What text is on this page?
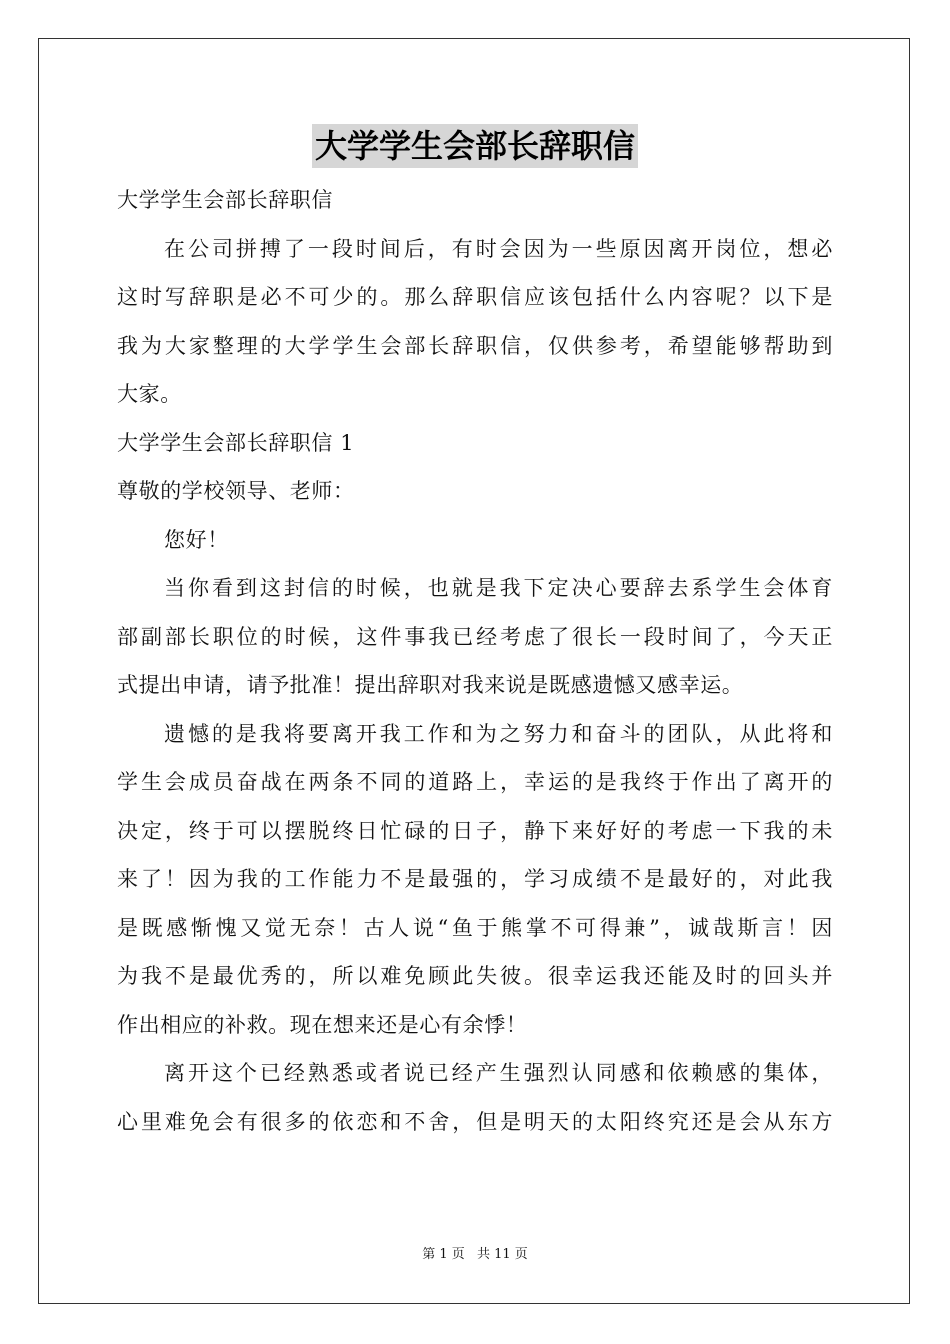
大学学生会部长辞职信
大学学生会部长辞职信
在公司拼搏了一段时间后，有时会因为一些原因离开岗位，想必
这时写辞职是必不可少的。那么辞职信应该包括什么内容呢？以下是
我为大家整理的大学学生会部长辞职信，仅供参考，希望能够帮助到
大家。
大学学生会部长辞职信 1
尊敬的学校领导、老师：
您好！
当你看到这封信的时候，也就是我下定决心要辞去系学生会体育
部副部长职位的时候，这件事我已经考虑了很长一段时间了，今天正
式提出申请，请予批准！提出辞职对我来说是既感遗憾又感幸运。
遗憾的是我将要离开我工作和为之努力和奋斗的团队，从此将和
学生会成员奋战在两条不同的道路上，幸运的是我终于作出了离开的
决定，终于可以摆脱终日忙碌的日子，静下来好好的考虑一下我的未
来了！因为我的工作能力不是最强的，学习成绩不是最好的，对此我
是既感惭愧又觉无奈！古人说“鱼于熊掌不可得兼”，诚哉斯言！因
为我不是最优秀的，所以难免顾此失彼。很幸运我还能及时的回头并
作出相应的补救。现在想来还是心有余悸！
离开这个已经熟悉或者说已经产生强烈认同感和依赖感的集体，
心里难免会有很多的依恋和不舍，但是明天的太阳终究还是会从东方
第 1 页 共 11 页
